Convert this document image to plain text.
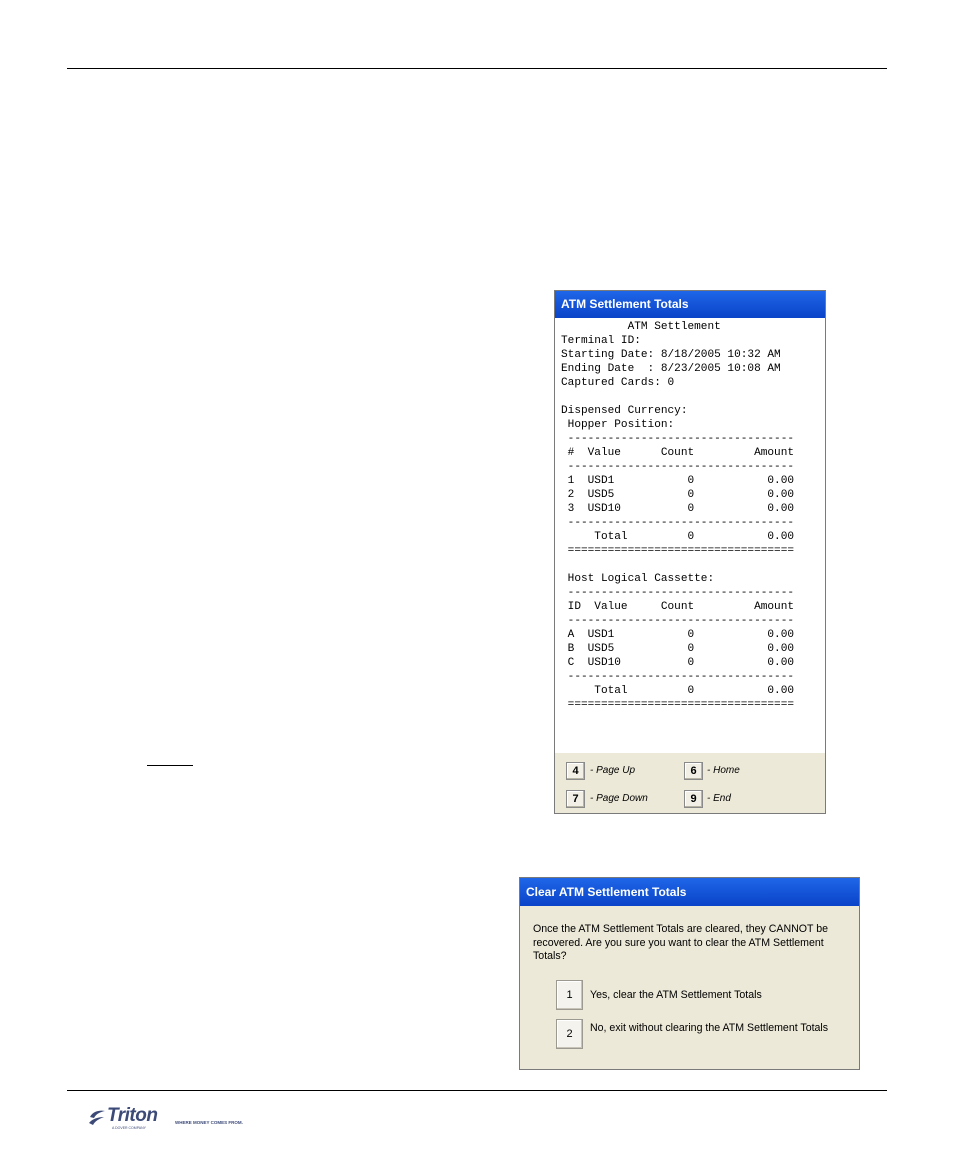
ATM Settlement Totals
ATM Settlement
Terminal ID:
Starting Date: 8/18/2005 10:32 AM
Ending Date  : 8/23/2005 10:08 AM
Captured Cards: 0

Dispensed Currency:
Hopper Position:
----------------------------------
#  Value      Count         Amount
----------------------------------
1  USD1           0           0.00
2  USD5           0           0.00
3  USD10          0           0.00
----------------------------------
Total         0           0.00
==================================

Host Logical Cassette:
----------------------------------
ID  Value     Count         Amount
----------------------------------
A  USD1           0           0.00
B  USD5           0           0.00
C  USD10          0           0.00
----------------------------------
Total         0           0.00
==================================
4	- Page Up	6	- Home
7	- Page Down	9	- End
Clear ATM Settlement Totals
Once the ATM Settlement Totals are cleared, they CANNOT be recovered. Are you sure you want to clear the ATM Settlement Totals?
1	Yes, clear the ATM Settlement Totals
2	No, exit without clearing the ATM Settlement Totals
Triton	WHERE MONEY COMES FROM.
A DOVER COMPANY
